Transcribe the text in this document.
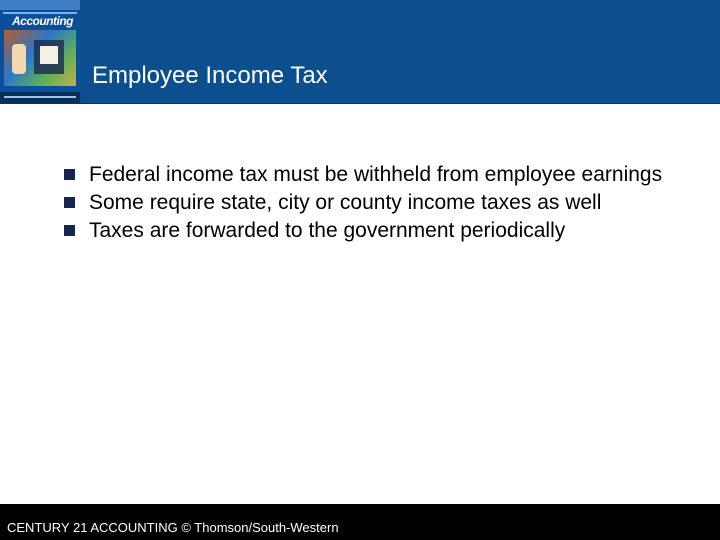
Accounting
Employee Income Tax
Federal income tax must be withheld from employee earnings
Some require state, city or county income taxes as well
Taxes are forwarded to the government periodically
CENTURY 21 ACCOUNTING © Thomson/South-Western
